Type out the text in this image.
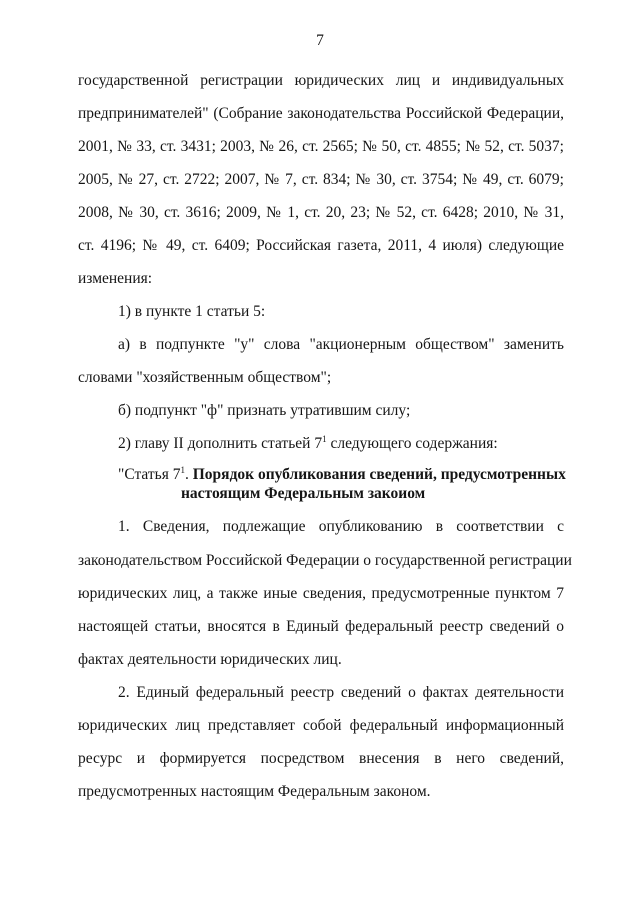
7
государственной регистрации юридических лиц и индивидуальных
предпринимателей" (Собрание законодательства Российской Федерации,
2001, № 33, ст. 3431; 2003, № 26, ст. 2565; № 50, ст. 4855; № 52, ст. 5037;
2005, № 27, ст. 2722; 2007, № 7, ст. 834; № 30, ст. 3754; № 49, ст. 6079;
2008, № 30, ст. 3616; 2009, № 1, ст. 20, 23; № 52, ст. 6428; 2010, № 31,
ст. 4196; № 49, ст. 6409; Российская газета, 2011, 4 июля) следующие
изменения:
1) в пункте 1 статьи 5:
а) в подпункте "у" слова "акционерным обществом" заменить
словами "хозяйственным обществом";
б) подпункт "ф" признать утратившим силу;
2) главу II дополнить статьей $7^1$ следующего содержания:
"Статья $7^1$. Порядок опубликования сведений, предусмотренных
настоящим Федеральным закоиом
1. Сведения, подлежащие опубликованию в соответствии с
законодательством Российской Федерации о государственной регистрации
юридических лиц, а также иные сведения, предусмотренные пунктом 7
настоящей статьи, вносятся в Единый федеральный реестр сведений о
фактах деятельности юридических лиц.
2. Единый федеральный реестр сведений о фактах деятельности
юридических лиц представляет собой федеральный информационный
ресурс и формируется посредством внесения в него сведений,
предусмотренных настоящим Федеральным законом.
